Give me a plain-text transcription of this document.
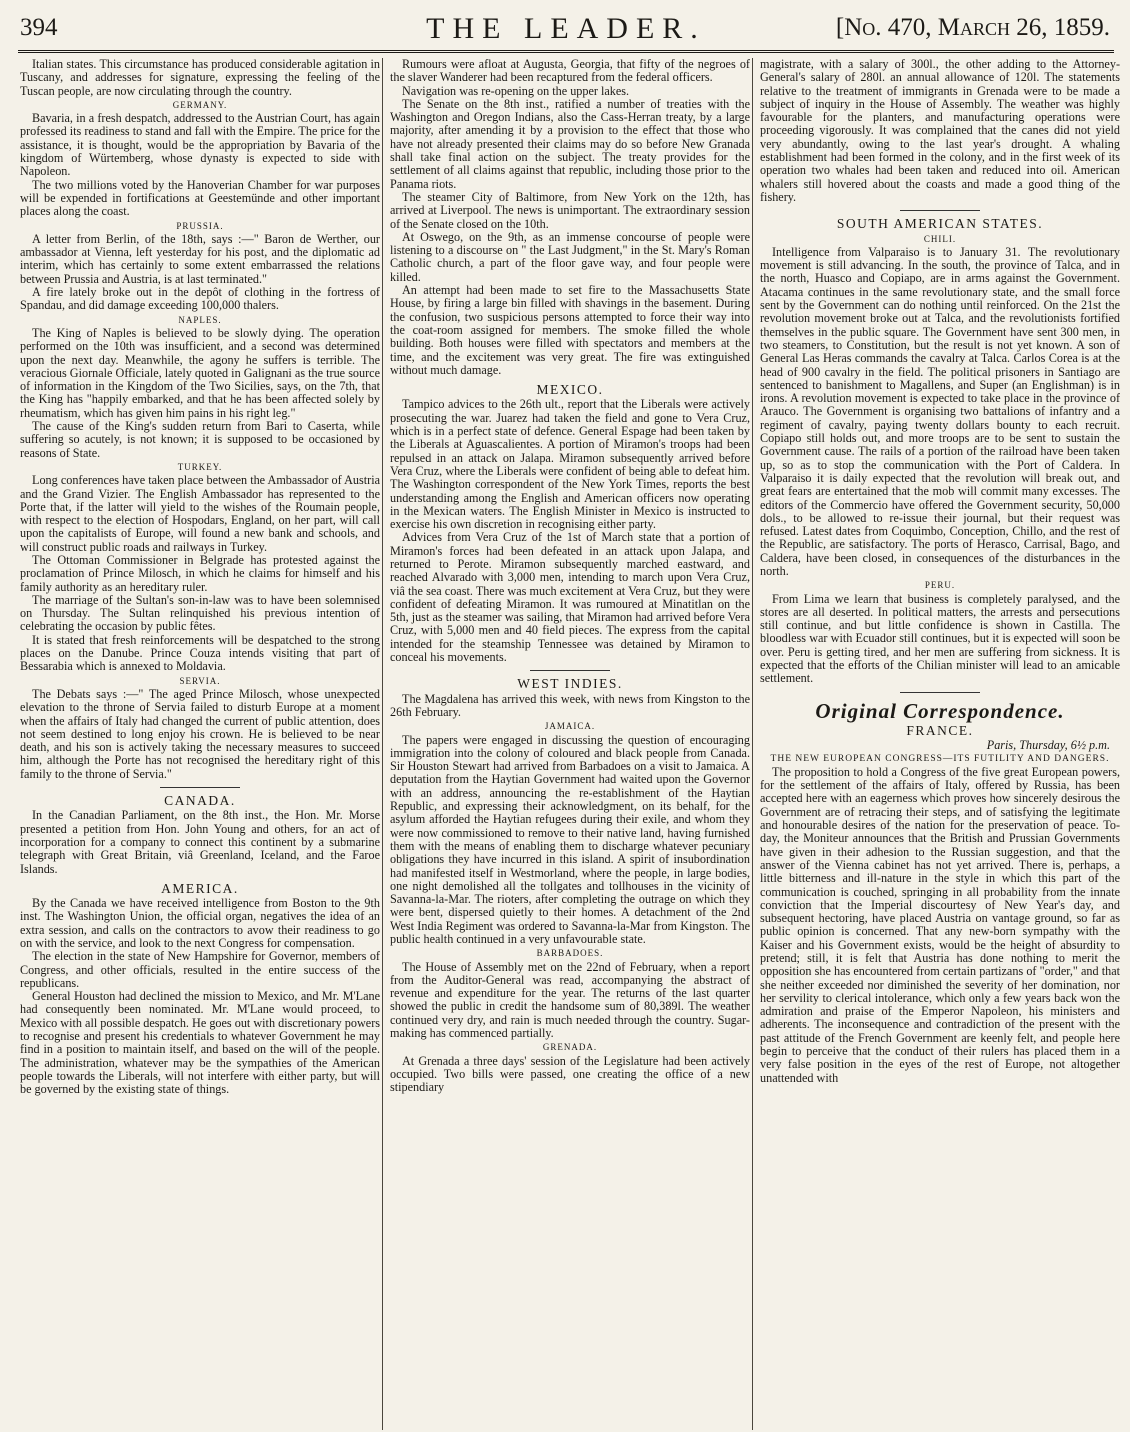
394	THE LEADER.	[No. 470, March 26, 1859.

Italian states. This circumstance has produced considerable agitation in Tuscany, and addresses for signature, expressing the feeling of the Tuscan people, are now circulating through the country.

GERMANY.

Bavaria, in a fresh despatch, addressed to the Austrian Court, has again professed its readiness to stand and fall with the Empire. The price for the assistance, it is thought, would be the appropriation by Bavaria of the kingdom of Würtemberg, whose dynasty is expected to side with Napoleon.

The two millions voted by the Hanoverian Chamber for war purposes will be expended in fortifications at Geestemünde and other important places along the coast.

PRUSSIA.

A letter from Berlin, of the 18th, says :—" Baron de Werther, our ambassador at Vienna, left yesterday for his post, and the diplomatic ad interim, which has certainly to some extent embarrassed the relations between Prussia and Austria, is at last terminated."

A fire lately broke out in the depôt of clothing in the fortress of Spandau, and did damage exceeding 100,000 thalers.

NAPLES.

The King of Naples is believed to be slowly dying. The operation performed on the 10th was insufficient, and a second was determined upon the next day. Meanwhile, the agony he suffers is terrible. The veracious Giornale Officiale, lately quoted in Galignani as the true source of information in the Kingdom of the Two Sicilies, says, on the 7th, that the King has "happily embarked, and that he has been affected solely by rheumatism, which has given him pains in his right leg."

The cause of the King's sudden return from Bari to Caserta, while suffering so acutely, is not known; it is supposed to be occasioned by reasons of State.

TURKEY.

Long conferences have taken place between the Ambassador of Austria and the Grand Vizier. The English Ambassador has represented to the Porte that, if the latter will yield to the wishes of the Roumain people, with respect to the election of Hospodars, England, on her part, will call upon the capitalists of Europe, will found a new bank and schools, and will construct public roads and railways in Turkey.

The Ottoman Commissioner in Belgrade has protested against the proclamation of Prince Milosch, in which he claims for himself and his family authority as an hereditary ruler.

The marriage of the Sultan's son-in-law was to have been solemnised on Thursday. The Sultan relinquished his previous intention of celebrating the occasion by public fêtes.

It is stated that fresh reinforcements will be despatched to the strong places on the Danube. Prince Couza intends visiting that part of Bessarabia which is annexed to Moldavia.

SERVIA.

The Debats says :—" The aged Prince Milosch, whose unexpected elevation to the throne of Servia failed to disturb Europe at a moment when the affairs of Italy had changed the current of public attention, does not seem destined to long enjoy his crown. He is believed to be near death, and his son is actively taking the necessary measures to succeed him, although the Porte has not recognised the hereditary right of this family to the throne of Servia."

CANADA.

In the Canadian Parliament, on the 8th inst., the Hon. Mr. Morse presented a petition from Hon. John Young and others, for an act of incorporation for a company to connect this continent by a submarine telegraph with Great Britain, viâ Greenland, Iceland, and the Faroe Islands.

AMERICA.

By the Canada we have received intelligence from Boston to the 9th inst. The Washington Union, the official organ, negatives the idea of an extra session, and calls on the contractors to avow their readiness to go on with the service, and look to the next Congress for compensation.

The election in the state of New Hampshire for Governor, members of Congress, and other officials, resulted in the entire success of the republicans.

General Houston had declined the mission to Mexico, and Mr. M'Lane had consequently been nominated. Mr. M'Lane would proceed, to Mexico with all possible despatch. He goes out with discretionary powers to recognise and present his credentials to whatever Government he may find in a position to maintain itself, and based on the will of the people. The administration, whatever may be the sympathies of the American people towards the Liberals, will not interfere with either party, but will be governed by the existing state of things.

Rumours were afloat at Augusta, Georgia, that fifty of the negroes of the slaver Wanderer had been recaptured from the federal officers.

Navigation was re-opening on the upper lakes.

The Senate on the 8th inst., ratified a number of treaties with the Washington and Oregon Indians, also the Cass-Herran treaty, by a large majority, after amending it by a provision to the effect that those who have not already presented their claims may do so before New Granada shall take final action on the subject. The treaty provides for the settlement of all claims against that republic, including those prior to the Panama riots.

The steamer City of Baltimore, from New York on the 12th, has arrived at Liverpool. The news is unimportant. The extraordinary session of the Senate closed on the 10th.

At Oswego, on the 9th, as an immense concourse of people were listening to a discourse on " the Last Judgment," in the St. Mary's Roman Catholic church, a part of the floor gave way, and four people were killed.

An attempt had been made to set fire to the Massachusetts State House, by firing a large bin filled with shavings in the basement. During the confusion, two suspicious persons attempted to force their way into the coat-room assigned for members. The smoke filled the whole building. Both houses were filled with spectators and members at the time, and the excitement was very great. The fire was extinguished without much damage.

MEXICO.

Tampico advices to the 26th ult., report that the Liberals were actively prosecuting the war. Juarez had taken the field and gone to Vera Cruz, which is in a perfect state of defence. General Espage had been taken by the Liberals at Aguascalientes. A portion of Miramon's troops had been repulsed in an attack on Jalapa. Miramon subsequently arrived before Vera Cruz, where the Liberals were confident of being able to defeat him. The Washington correspondent of the New York Times, reports the best understanding among the English and American officers now operating in the Mexican waters. The English Minister in Mexico is instructed to exercise his own discretion in recognising either party.

Advices from Vera Cruz of the 1st of March state that a portion of Miramon's forces had been defeated in an attack upon Jalapa, and returned to Perote. Miramon subsequently marched eastward, and reached Alvarado with 3,000 men, intending to march upon Vera Cruz, viâ the sea coast. There was much excitement at Vera Cruz, but they were confident of defeating Miramon. It was rumoured at Minatitlan on the 5th, just as the steamer was sailing, that Miramon had arrived before Vera Cruz, with 5,000 men and 40 field pieces. The express from the capital intended for the steamship Tennessee was detained by Miramon to conceal his movements.

WEST INDIES.

The Magdalena has arrived this week, with news from Kingston to the 26th February.

JAMAICA.

The papers were engaged in discussing the question of encouraging immigration into the colony of coloured and black people from Canada. Sir Houston Stewart had arrived from Barbadoes on a visit to Jamaica. A deputation from the Haytian Government had waited upon the Governor with an address, announcing the re-establishment of the Haytian Republic, and expressing their acknowledgment, on its behalf, for the asylum afforded the Haytian refugees during their exile, and whom they were now commissioned to remove to their native land, having furnished them with the means of enabling them to discharge whatever pecuniary obligations they have incurred in this island. A spirit of insubordination had manifested itself in Westmorland, where the people, in large bodies, one night demolished all the tollgates and tollhouses in the vicinity of Savanna-la-Mar. The rioters, after completing the outrage on which they were bent, dispersed quietly to their homes. A detachment of the 2nd West India Regiment was ordered to Savanna-la-Mar from Kingston. The public health continued in a very unfavourable state.

BARBADOES.

The House of Assembly met on the 22nd of February, when a report from the Auditor-General was read, accompanying the abstract of revenue and expenditure for the year. The returns of the last quarter showed the public in credit the handsome sum of 80,389l. The weather continued very dry, and rain is much needed through the country. Sugar-making has commenced partially.

GRENADA.

At Grenada a three days' session of the Legislature had been actively occupied. Two bills were passed, one creating the office of a new stipendiary

magistrate, with a salary of 300l., the other adding to the Attorney-General's salary of 280l. an annual allowance of 120l. The statements relative to the treatment of immigrants in Grenada were to be made a subject of inquiry in the House of Assembly. The weather was highly favourable for the planters, and manufacturing operations were proceeding vigorously. It was complained that the canes did not yield very abundantly, owing to the last year's drought. A whaling establishment had been formed in the colony, and in the first week of its operation two whales had been taken and reduced into oil. American whalers still hovered about the coasts and made a good thing of the fishery.

SOUTH AMERICAN STATES.
CHILI.

Intelligence from Valparaiso is to January 31. The revolutionary movement is still advancing. In the south, the province of Talca, and in the north, Huasco and Copiapo, are in arms against the Government. Atacama continues in the same revolutionary state, and the small force sent by the Government can do nothing until reinforced. On the 21st the revolution movement broke out at Talca, and the revolutionists fortified themselves in the public square. The Government have sent 300 men, in two steamers, to Constitution, but the result is not yet known. A son of General Las Heras commands the cavalry at Talca. Carlos Corea is at the head of 900 cavalry in the field. The political prisoners in Santiago are sentenced to banishment to Magallens, and Super (an Englishman) is in irons. A revolution movement is expected to take place in the province of Arauco. The Government is organising two battalions of infantry and a regiment of cavalry, paying twenty dollars bounty to each recruit. Copiapo still holds out, and more troops are to be sent to sustain the Government cause. The rails of a portion of the railroad have been taken up, so as to stop the communication with the Port of Caldera. In Valparaiso it is daily expected that the revolution will break out, and great fears are entertained that the mob will commit many excesses. The editors of the Commercio have offered the Government security, 50,000 dols., to be allowed to re-issue their journal, but their request was refused. Latest dates from Coquimbo, Conception, Chillo, and the rest of the Republic, are satisfactory. The ports of Herasco, Carrisal, Bago, and Caldera, have been closed, in consequences of the disturbances in the north.

PERU.

From Lima we learn that business is completely paralysed, and the stores are all deserted. In political matters, the arrests and persecutions still continue, and but little confidence is shown in Castilla. The bloodless war with Ecuador still continues, but it is expected will soon be over. Peru is getting tired, and her men are suffering from sickness. It is expected that the efforts of the Chilian minister will lead to an amicable settlement.

Original Correspondence.
FRANCE.
Paris, Thursday, 6½ p.m.
THE NEW EUROPEAN CONGRESS—ITS FUTILITY AND DANGERS.

The proposition to hold a Congress of the five great European powers, for the settlement of the affairs of Italy, offered by Russia, has been accepted here with an eagerness which proves how sincerely desirous the Government are of retracing their steps, and of satisfying the legitimate and honourable desires of the nation for the preservation of peace. To-day, the Moniteur announces that the British and Prussian Governments have given in their adhesion to the Russian suggestion, and that the answer of the Vienna cabinet has not yet arrived. There is, perhaps, a little bitterness and ill-nature in the style in which this part of the communication is couched, springing in all probability from the innate conviction that the Imperial discourtesy of New Year's day, and subsequent hectoring, have placed Austria on vantage ground, so far as public opinion is concerned. That any new-born sympathy with the Kaiser and his Government exists, would be the height of absurdity to pretend; still, it is felt that Austria has done nothing to merit the opposition she has encountered from certain partizans of "order," and that she neither exceeded nor diminished the severity of her domination, nor her servility to clerical intolerance, which only a few years back won the admiration and praise of the Emperor Napoleon, his ministers and adherents. The inconsequence and contradiction of the present with the past attitude of the French Government are keenly felt, and people here begin to perceive that the conduct of their rulers has placed them in a very false position in the eyes of the rest of Europe, not altogether unattended with
